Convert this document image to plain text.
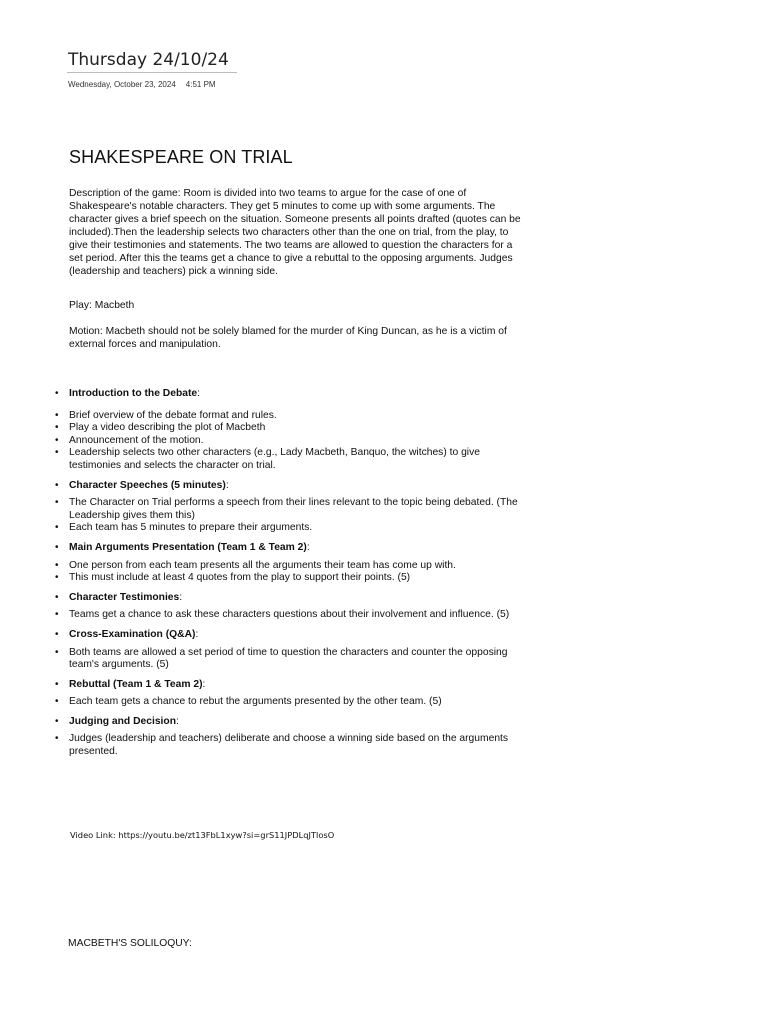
Thursday 24/10/24
Wednesday, October 23, 2024 4:51 PM
SHAKESPEARE ON TRIAL

Description of the game: Room is divided into two teams to argue for the case of one of Shakespeare's notable characters. They get 5 minutes to come up with some arguments. The character gives a brief speech on the situation. Someone presents all points drafted (quotes can be included).Then the leadership selects two characters other than the one on trial, from the play, to give their testimonies and statements. The two teams are allowed to question the characters for a set period. After this the teams get a chance to give a rebuttal to the opposing arguments. Judges (leadership and teachers) pick a winning side.

Play: Macbeth

Motion: Macbeth should not be solely blamed for the murder of King Duncan, as he is a victim of external forces and manipulation.

• Introduction to the Debate:
• Brief overview of the debate format and rules.
• Play a video describing the plot of Macbeth
• Announcement of the motion.
• Leadership selects two other characters (e.g., Lady Macbeth, Banquo, the witches) to give testimonies and selects the character on trial.
• Character Speeches (5 minutes):
• The Character on Trial performs a speech from their lines relevant to the topic being debated. (The Leadership gives them this)
• Each team has 5 minutes to prepare their arguments.
• Main Arguments Presentation (Team 1 & Team 2):
• One person from each team presents all the arguments their team has come up with.
• This must include at least 4 quotes from the play to support their points. (5)
• Character Testimonies:
• Teams get a chance to ask these characters questions about their involvement and influence. (5)
• Cross-Examination (Q&A):
• Both teams are allowed a set period of time to question the characters and counter the opposing team's arguments. (5)
• Rebuttal (Team 1 & Team 2):
• Each team gets a chance to rebut the arguments presented by the other team. (5)
• Judging and Decision:
• Judges (leadership and teachers) deliberate and choose a winning side based on the arguments presented.
Video Link: https://youtu.be/zt13FbL1xyw?si=grS11JPDLqJTlosO
MACBETH'S SOLILOQUY:
